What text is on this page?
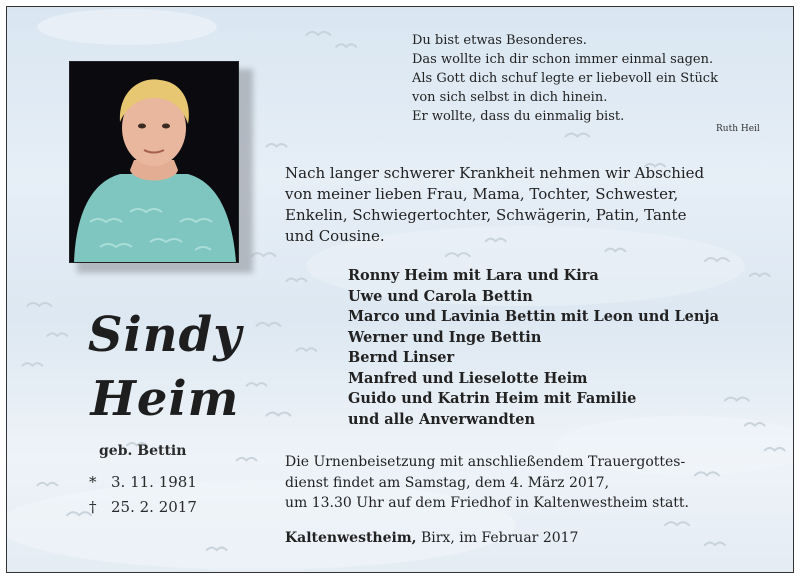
Sindy
Heim
geb. Bettin
* 3. 11. 1981
† 25. 2. 2017
Du bist etwas Besonderes.
Das wollte ich dir schon immer einmal sagen.
Als Gott dich schuf legte er liebevoll ein Stück
von sich selbst in dich hinein.
Er wollte, dass du einmalig bist.
Ruth Heil
Nach langer schwerer Krankheit nehmen wir Abschied
von meiner lieben Frau, Mama, Tochter, Schwester,
Enkelin, Schwiegertochter, Schwägerin, Patin, Tante
und Cousine.
Ronny Heim mit Lara und Kira
Uwe und Carola Bettin
Marco und Lavinia Bettin mit Leon und Lenja
Werner und Inge Bettin
Bernd Linser
Manfred und Lieselotte Heim
Guido und Katrin Heim mit Familie
und alle Anverwandten
Die Urnenbeisetzung mit anschließendem Trauergottes-
dienst findet am Samstag, dem 4. März 2017,
um 13.30 Uhr auf dem Friedhof in Kaltenwestheim statt.
Kaltenwestheim, Birx, im Februar 2017
